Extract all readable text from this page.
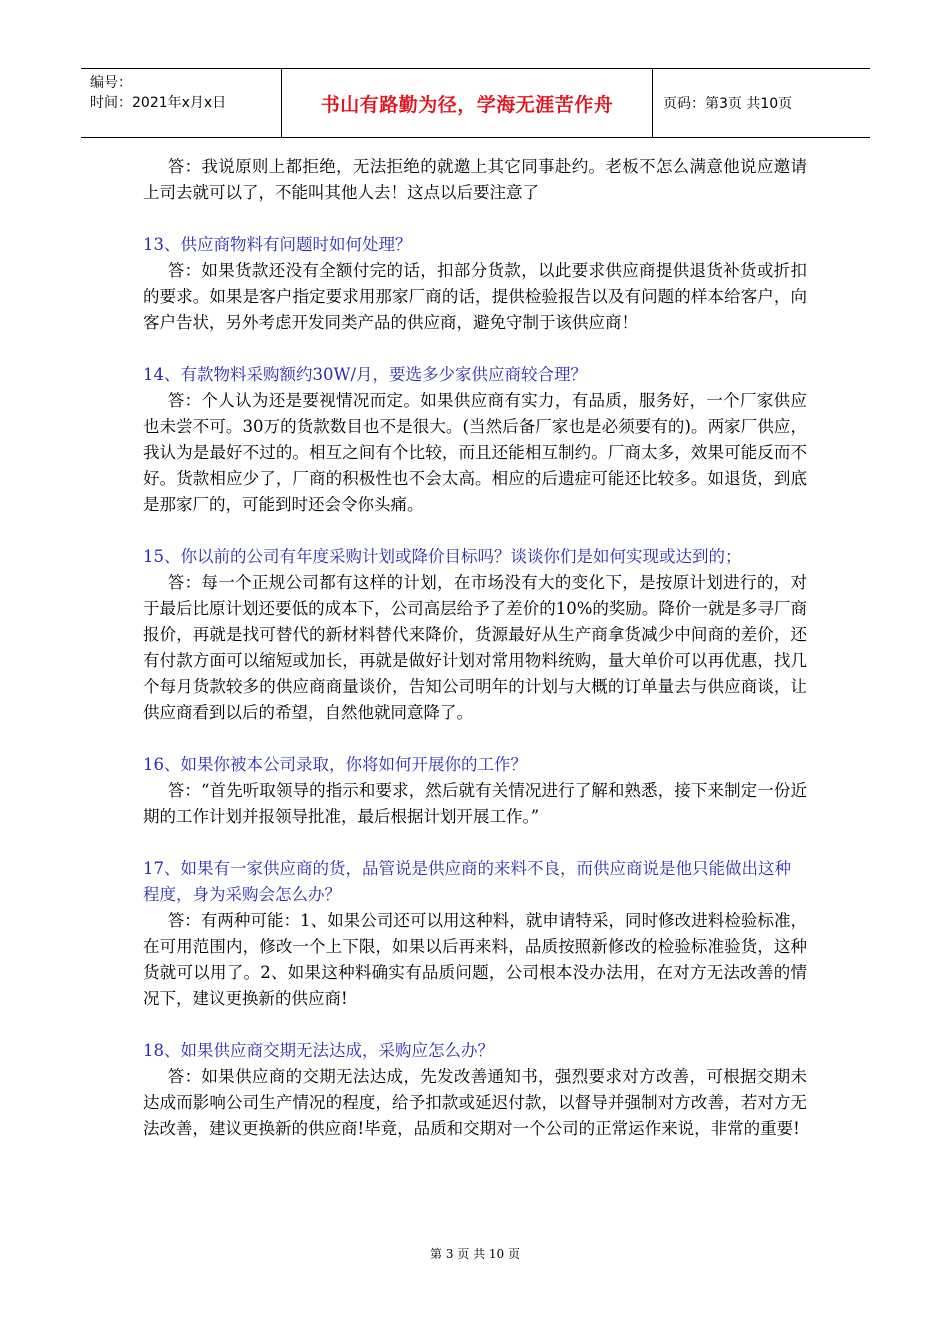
编号：
时间：2021年x月x日	书山有路勤为径，学海无涯苦作舟	页码：第3页 共10页
答：我说原则上都拒绝，无法拒绝的就邀上其它同事赴约。老板不怎么满意他说应邀请上司去就可以了，不能叫其他人去！这点以后要注意了
13、供应商物料有问题时如何处理？
答：如果货款还没有全额付完的话，扣部分货款，以此要求供应商提供退货补货或折扣的要求。如果是客户指定要求用那家厂商的话，提供检验报告以及有问题的样本给客户，向客户告状，另外考虑开发同类产品的供应商，避免守制于该供应商！
14、有款物料采购额约30W/月，要选多少家供应商较合理？
答：个人认为还是要视情况而定。如果供应商有实力，有品质，服务好，一个厂家供应也未尝不可。30万的货款数目也不是很大。(当然后备厂家也是必须要有的)。两家厂供应，我认为是最好不过的。相互之间有个比较，而且还能相互制约。厂商太多，效果可能反而不好。货款相应少了，厂商的积极性也不会太高。相应的后遗症可能还比较多。如退货，到底是那家厂的，可能到时还会令你头痛。
15、你以前的公司有年度采购计划或降价目标吗？谈谈你们是如何实现或达到的；
答：每一个正规公司都有这样的计划，在市场没有大的变化下，是按原计划进行的，对于最后比原计划还要低的成本下，公司高层给予了差价的10%的奖励。降价一就是多寻厂商报价，再就是找可替代的新材料替代来降价，货源最好从生产商拿货减少中间商的差价，还有付款方面可以缩短或加长，再就是做好计划对常用物料统购，量大单价可以再优惠，找几个每月货款较多的供应商商量谈价，告知公司明年的计划与大概的订单量去与供应商谈，让供应商看到以后的希望，自然他就同意降了。
16、如果你被本公司录取，你将如何开展你的工作？
答：“首先听取领导的指示和要求，然后就有关情况进行了解和熟悉，接下来制定一份近期的工作计划并报领导批准，最后根据计划开展工作。”
17、如果有一家供应商的货，品管说是供应商的来料不良，而供应商说是他只能做出这种程度，身为采购会怎么办？
答：有两种可能：1、如果公司还可以用这种料，就申请特采，同时修改进料检验标准，在可用范围内，修改一个上下限，如果以后再来料，品质按照新修改的检验标准验货，这种货就可以用了。2、如果这种料确实有品质问题，公司根本没办法用，在对方无法改善的情况下，建议更换新的供应商!
18、如果供应商交期无法达成，采购应怎么办？
答：如果供应商的交期无法达成，先发改善通知书，强烈要求对方改善，可根据交期未达成而影响公司生产情况的程度，给予扣款或延迟付款，以督导并强制对方改善，若对方无法改善，建议更换新的供应商!毕竟，品质和交期对一个公司的正常运作来说，非常的重要!
第 3 页 共 10 页
